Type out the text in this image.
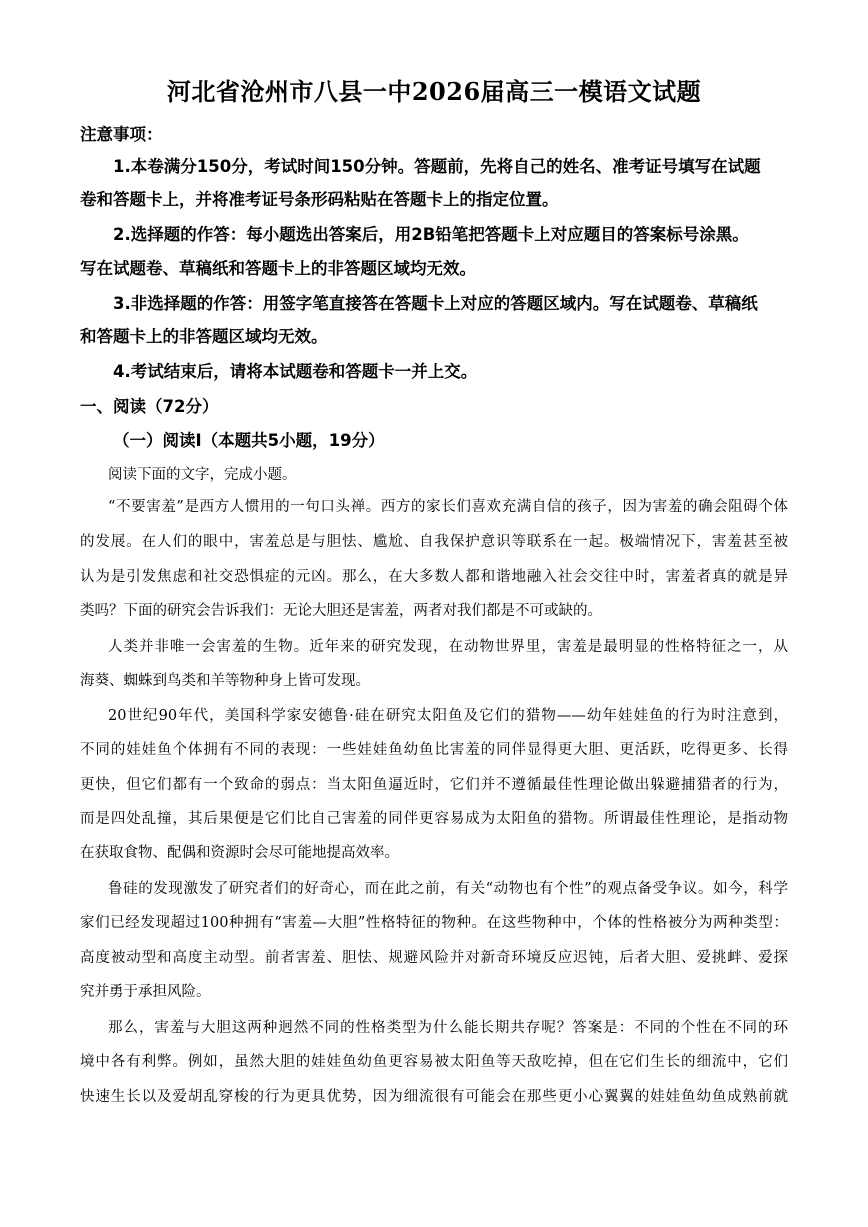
河北省沧州市八县一中2026届高三一模语文试题
注意事项：
1.本卷满分150分，考试时间150分钟。答题前，先将自己的姓名、准考证号填写在试题
卷和答题卡上，并将准考证号条形码粘贴在答题卡上的指定位置。
2.选择题的作答：每小题选出答案后，用2B铅笔把答题卡上对应题目的答案标号涂黑。
写在试题卷、草稿纸和答题卡上的非答题区域均无效。
3.非选择题的作答：用签字笔直接答在答题卡上对应的答题区域内。写在试题卷、草稿纸
和答题卡上的非答题区域均无效。
4.考试结束后，请将本试题卷和答题卡一并上交。
一、阅读（72分）
（一）阅读Ⅰ（本题共5小题，19分）
阅读下面的文字，完成小题。
“不要害羞”是西方人惯用的一句口头禅。西方的家长们喜欢充满自信的孩子，因为害羞的确会阻碍个体
的发展。在人们的眼中，害羞总是与胆怯、尴尬、自我保护意识等联系在一起。极端情况下，害羞甚至被
认为是引发焦虑和社交恐惧症的元凶。那么，在大多数人都和谐地融入社会交往中时，害羞者真的就是异
类吗？下面的研究会告诉我们：无论大胆还是害羞，两者对我们都是不可或缺的。
人类并非唯一会害羞的生物。近年来的研究发现，在动物世界里，害羞是最明显的性格特征之一，从
海葵、蜘蛛到鸟类和羊等物种身上皆可发现。
20世纪90年代，美国科学家安德鲁·硅在研究太阳鱼及它们的猎物——幼年娃娃鱼的行为时注意到，
不同的娃娃鱼个体拥有不同的表现：一些娃娃鱼幼鱼比害羞的同伴显得更大胆、更活跃，吃得更多、长得
更快，但它们都有一个致命的弱点：当太阳鱼逼近时，它们并不遵循最佳性理论做出躲避捕猎者的行为，
而是四处乱撞，其后果便是它们比自己害羞的同伴更容易成为太阳鱼的猎物。所谓最佳性理论，是指动物
在获取食物、配偶和资源时会尽可能地提高效率。
鲁硅的发现激发了研究者们的好奇心，而在此之前，有关“动物也有个性”的观点备受争议。如今，科学
家们已经发现超过100种拥有“害羞—大胆”性格特征的物种。在这些物种中，个体的性格被分为两种类型：
高度被动型和高度主动型。前者害羞、胆怯、规避风险并对新奇环境反应迟钝，后者大胆、爱挑衅、爱探
究并勇于承担风险。
那么，害羞与大胆这两种迥然不同的性格类型为什么能长期共存呢？答案是：不同的个性在不同的环
境中各有利弊。例如，虽然大胆的娃娃鱼幼鱼更容易被太阳鱼等天敌吃掉，但在它们生长的细流中，它们
快速生长以及爱胡乱穿梭的行为更具优势，因为细流很有可能会在那些更小心翼翼的娃娃鱼幼鱼成熟前就
